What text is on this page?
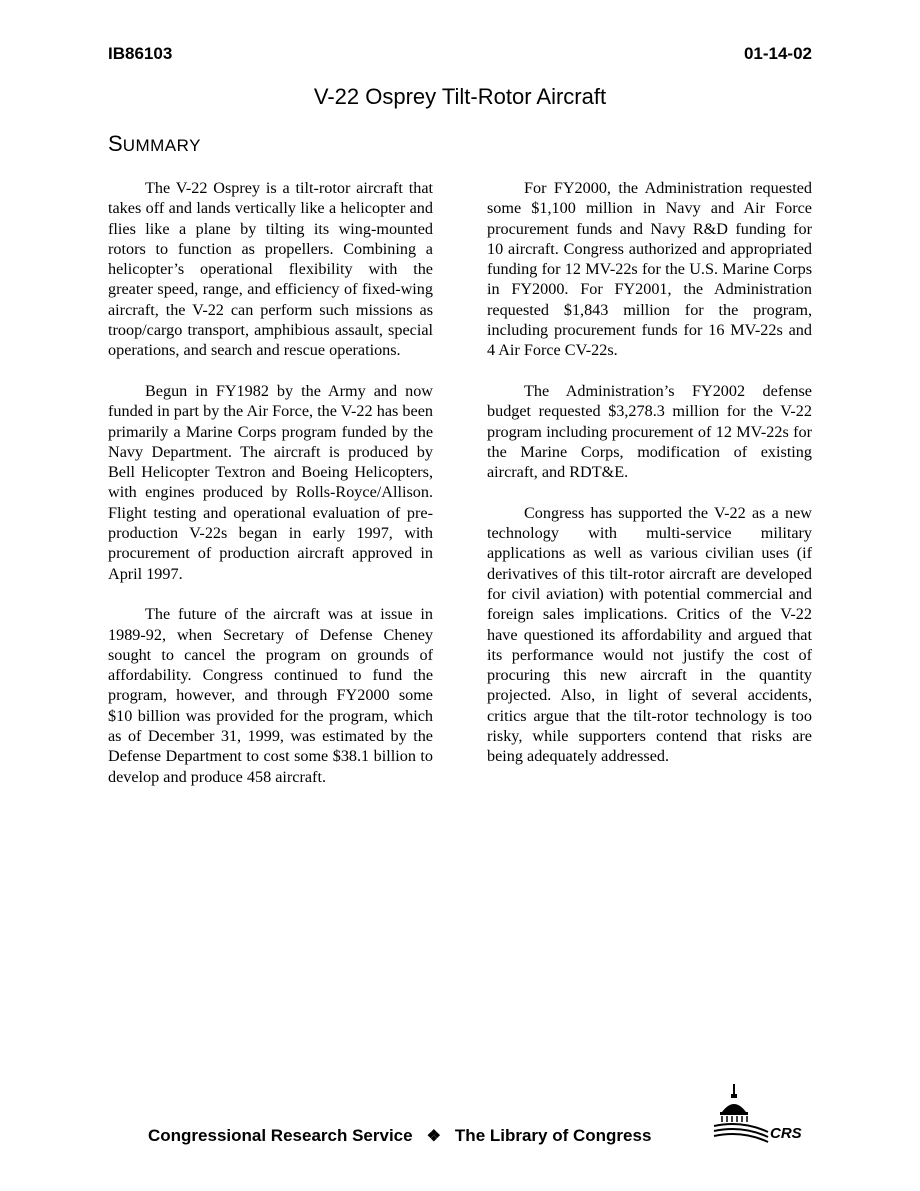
IB86103	01-14-02
V-22 Osprey Tilt-Rotor Aircraft
SUMMARY

The V-22 Osprey is a tilt-rotor aircraft that takes off and lands vertically like a helicopter and flies like a plane by tilting its wing-mounted rotors to function as propellers. Combining a helicopter’s operational flexibility with the greater speed, range, and efficiency of fixed-wing aircraft, the V-22 can perform such missions as troop/cargo transport, amphibious assault, special operations, and search and rescue operations.

Begun in FY1982 by the Army and now funded in part by the Air Force, the V-22 has been primarily a Marine Corps program funded by the Navy Department. The aircraft is produced by Bell Helicopter Textron and Boeing Helicopters, with engines produced by Rolls-Royce/Allison. Flight testing and operational evaluation of pre-production V-22s began in early 1997, with procurement of production aircraft approved in April 1997.

The future of the aircraft was at issue in 1989-92, when Secretary of Defense Cheney sought to cancel the program on grounds of affordability. Congress continued to fund the program, however, and through FY2000 some $10 billion was provided for the program, which as of December 31, 1999, was estimated by the Defense Department to cost some $38.1 billion to develop and produce 458 aircraft.

For FY2000, the Administration requested some $1,100 million in Navy and Air Force procurement funds and Navy R&D funding for 10 aircraft. Congress authorized and appropriated funding for 12 MV-22s for the U.S. Marine Corps in FY2000. For FY2001, the Administration requested $1,843 million for the program, including procurement funds for 16 MV-22s and 4 Air Force CV-22s.

The Administration’s FY2002 defense budget requested $3,278.3 million for the V-22 program including procurement of 12 MV-22s for the Marine Corps, modification of existing aircraft, and RDT&E.

Congress has supported the V-22 as a new technology with multi-service military applications as well as various civilian uses (if derivatives of this tilt-rotor aircraft are developed for civil aviation) with potential commercial and foreign sales implications. Critics of the V-22 have questioned its affordability and argued that its performance would not justify the cost of procuring this new aircraft in the quantity projected. Also, in light of several accidents, critics argue that the tilt-rotor technology is too risky, while supporters contend that risks are being adequately addressed.

Congressional Research Service ❖ The Library of Congress	CRS
